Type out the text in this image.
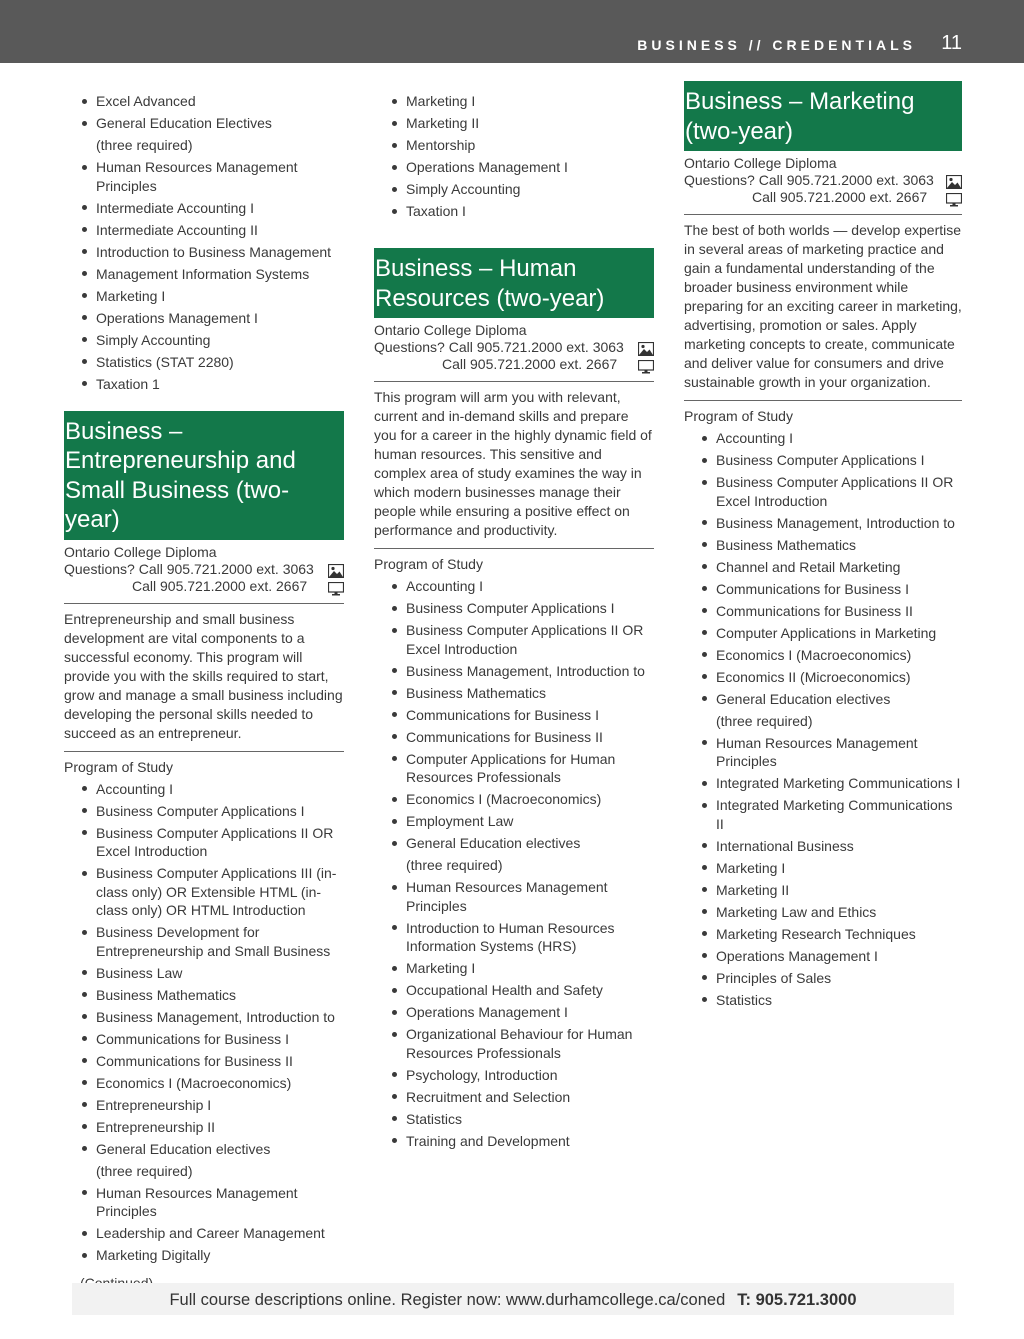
BUSINESS // CREDENTIALS 11
Excel Advanced
General Education Electives
(three required)
Human Resources Management Principles
Intermediate Accounting I
Intermediate Accounting II
Introduction to Business Management
Management Information Systems
Marketing I
Operations Management I
Simply Accounting
Statistics (STAT 2280)
Taxation 1
Business – Entrepreneurship and Small Business (two-year)
Ontario College Diploma
Questions? Call 905.721.2000 ext. 3063
Call 905.721.2000 ext. 2667

Entrepreneurship and small business development are vital components to a successful economy. This program will provide you with the skills required to start, grow and manage a small business including developing the personal skills needed to succeed as an entrepreneur.

Program of Study
Accounting I
Business Computer Applications I
Business Computer Applications II OR Excel Introduction
Business Computer Applications III (in-class only) OR Extensible HTML (in-class only) OR HTML Introduction
Business Development for Entrepreneurship and Small Business
Business Law
Business Mathematics
Business Management, Introduction to
Communications for Business I
Communications for Business II
Economics I (Macroeconomics)
Entrepreneurship I
Entrepreneurship II
General Education electives
(three required)
Human Resources Management Principles
Leadership and Career Management
Marketing Digitally
Marketing I
Marketing II
Mentorship
Operations Management I
Simply Accounting
Taxation I
Business – Human Resources (two-year)
Ontario College Diploma
Questions? Call 905.721.2000 ext. 3063
Call 905.721.2000 ext. 2667

This program will arm you with relevant, current and in-demand skills and prepare you for a career in the highly dynamic field of human resources. This sensitive and complex area of study examines the way in which modern businesses manage their people while ensuring a positive effect on performance and productivity.

Program of Study
Accounting I
Business Computer Applications I
Business Computer Applications II OR Excel Introduction
Business Management, Introduction to
Business Mathematics
Communications for Business I
Communications for Business II
Computer Applications for Human Resources Professionals
Economics I (Macroeconomics)
Employment Law
General Education electives
(three required)
Human Resources Management Principles
Introduction to Human Resources Information Systems (HRS)
Marketing I
Occupational Health and Safety
Operations Management I
Organizational Behaviour for Human Resources Professionals
Psychology, Introduction
Recruitment and Selection
Statistics
Training and Development
Business – Marketing (two-year)
Ontario College Diploma
Questions? Call 905.721.2000 ext. 3063
Call 905.721.2000 ext. 2667

The best of both worlds — develop expertise in several areas of marketing practice and gain a fundamental understanding of the broader business environment while preparing for an exciting career in marketing, advertising, promotion or sales. Apply marketing concepts to create, communicate and deliver value for consumers and drive sustainable growth in your organization.

Program of Study
Accounting I
Business Computer Applications I
Business Computer Applications II OR Excel Introduction
Business Management, Introduction to
Business Mathematics
Channel and Retail Marketing
Communications for Business I
Communications for Business II
Computer Applications in Marketing
Economics I (Macroeconomics)
Economics II (Microeconomics)
General Education electives
(three required)
Human Resources Management Principles
Integrated Marketing Communications I
Integrated Marketing Communications II
International Business
Marketing I
Marketing II
Marketing Law and Ethics
Marketing Research Techniques
Operations Management I
Principles of Sales
Statistics
Full course descriptions online. Register now: www.durhamcollege.ca/coned T: 905.721.3000
